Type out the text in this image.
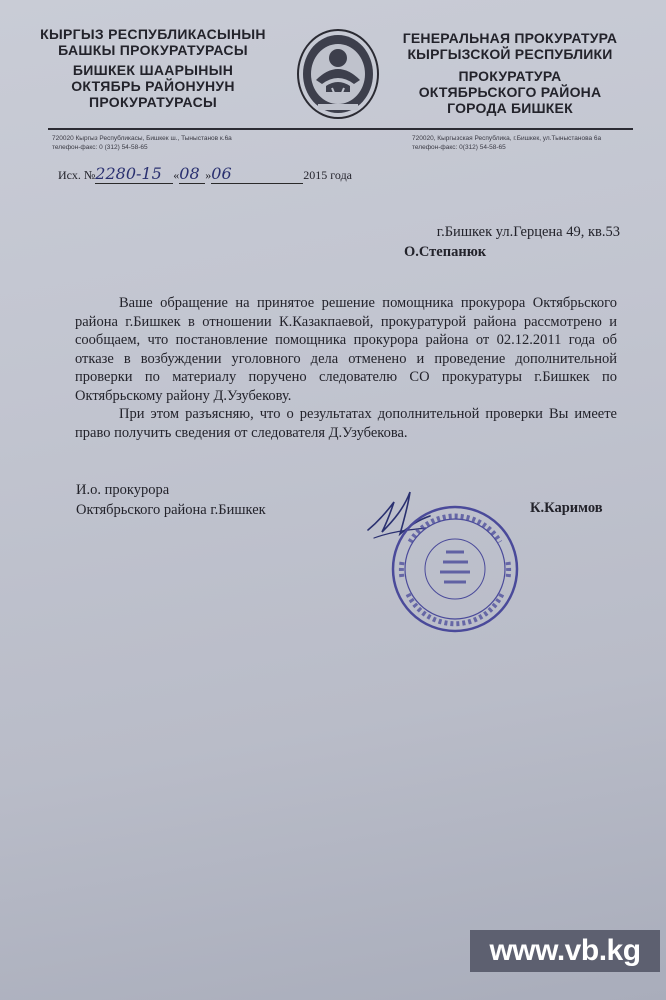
КЫРГЫЗ РЕСПУБЛИКАСЫНЫН
БАШКЫ ПРОКУРАТУРАСЫ
БИШКЕК ШААРЫНЫН
ОКТЯБРЬ РАЙОНУНУН
ПРОКУРАТУРАСЫ
ГЕНЕРАЛЬНАЯ ПРОКУРАТУРА
КЫРГЫЗСКОЙ РЕСПУБЛИКИ
ПРОКУРАТУРА
ОКТЯБРЬСКОГО РАЙОНА
ГОРОДА БИШКЕК
720020 Кыргыз Республикасы, Бишкек ш., Тыныстанов к.6а
телефон-факс: 0 (312) 54-58-65
720020, Кыргызская Республика, г.Бишкек, ул.Тыныстанова 6а
телефон-факс: 0(312) 54-58-65
Исх. №2280-15 «08 »06	2015 года
г.Бишкек ул.Герцена 49, кв.53
О.Степанюк

Ваше обращение на принятое решение помощника прокурора Октябрьского района г.Бишкек в отношении К.Казакпаевой, прокуратурой района рассмотрено и сообщаем, что постановление помощника прокурора района от 02.12.2011 года об отказе в возбуждении уголовного дела отменено и проведение дополнительной проверки по материалу поручено следователю СО прокуратуры г.Бишкек по Октябрьскому району Д.Узубекову.

При этом разъясняю, что о результатах дополнительной проверки Вы имеете право получить сведения от следователя Д.Узубекова.

И.о. прокурора
Октябрьского района г.Бишкек	К.Каримов
www.vb.kg
